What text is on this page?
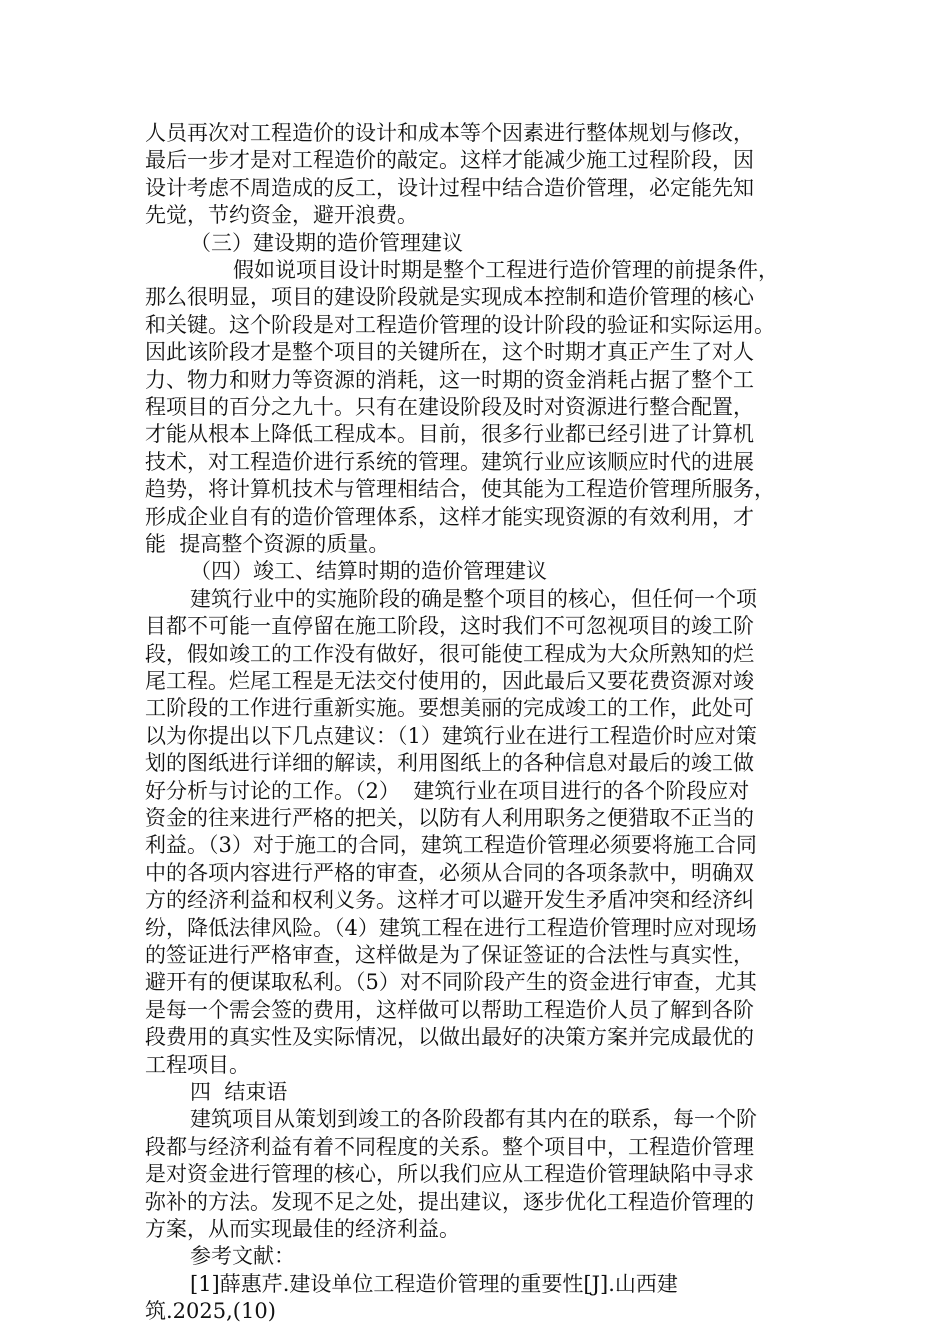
人员再次对工程造价的设计和成本等个因素进行整体规划与修改，
最后一步才是对工程造价的敲定。这样才能减少施工过程阶段，因
设计考虑不周造成的反工，设计过程中结合造价管理，必定能先知
先觉，节约资金，避开浪费。
（三）建设期的造价管理建议
假如说项目设计时期是整个工程进行造价管理的前提条件，
那么很明显，项目的建设阶段就是实现成本控制和造价管理的核心
和关键。这个阶段是对工程造价管理的设计阶段的验证和实际运用。
因此该阶段才是整个项目的关键所在，这个时期才真正产生了对人
力、物力和财力等资源的消耗，这一时期的资金消耗占据了整个工
程项目的百分之九十。只有在建设阶段及时对资源进行整合配置，
才能从根本上降低工程成本。目前，很多行业都已经引进了计算机
技术，对工程造价进行系统的管理。建筑行业应该顺应时代的进展
趋势，将计算机技术与管理相结合，使其能为工程造价管理所服务，
形成企业自有的造价管理体系，这样才能实现资源的有效利用，才
能  提高整个资源的质量。
（四）竣工、结算时期的造价管理建议
建筑行业中的实施阶段的确是整个项目的核心，但任何一个项
目都不可能一直停留在施工阶段，这时我们不可忽视项目的竣工阶
段，假如竣工的工作没有做好，很可能使工程成为大众所熟知的烂
尾工程。烂尾工程是无法交付使用的，因此最后又要花费资源对竣
工阶段的工作进行重新实施。要想美丽的完成竣工的工作，此处可
以为你提出以下几点建议：（1）建筑行业在进行工程造价时应对策
划的图纸进行详细的解读，利用图纸上的各种信息对最后的竣工做
好分析与讨论的工作。（2）  建筑行业在项目进行的各个阶段应对
资金的往来进行严格的把关，以防有人利用职务之便猎取不正当的
利益。（3）对于施工的合同，建筑工程造价管理必须要将施工合同
中的各项内容进行严格的审查，必须从合同的各项条款中，明确双
方的经济利益和权利义务。这样才可以避开发生矛盾冲突和经济纠
纷，降低法律风险。（4）建筑工程在进行工程造价管理时应对现场
的签证进行严格审查，这样做是为了保证签证的合法性与真实性，
避开有的便谋取私利。（5）对不同阶段产生的资金进行审查，尤其
是每一个需会签的费用，这样做可以帮助工程造价人员了解到各阶
段费用的真实性及实际情况，以做出最好的决策方案并完成最优的
工程项目。
四  结束语
建筑项目从策划到竣工的各阶段都有其内在的联系，每一个阶
段都与经济利益有着不同程度的关系。整个项目中，工程造价管理
是对资金进行管理的核心，所以我们应从工程造价管理缺陷中寻求
弥补的方法。发现不足之处，提出建议，逐步优化工程造价管理的
方案，从而实现最佳的经济利益。
参考文献：
[1]薛惠芹.建设单位工程造价管理的重要性[J].山西建
筑.2025,(10)
